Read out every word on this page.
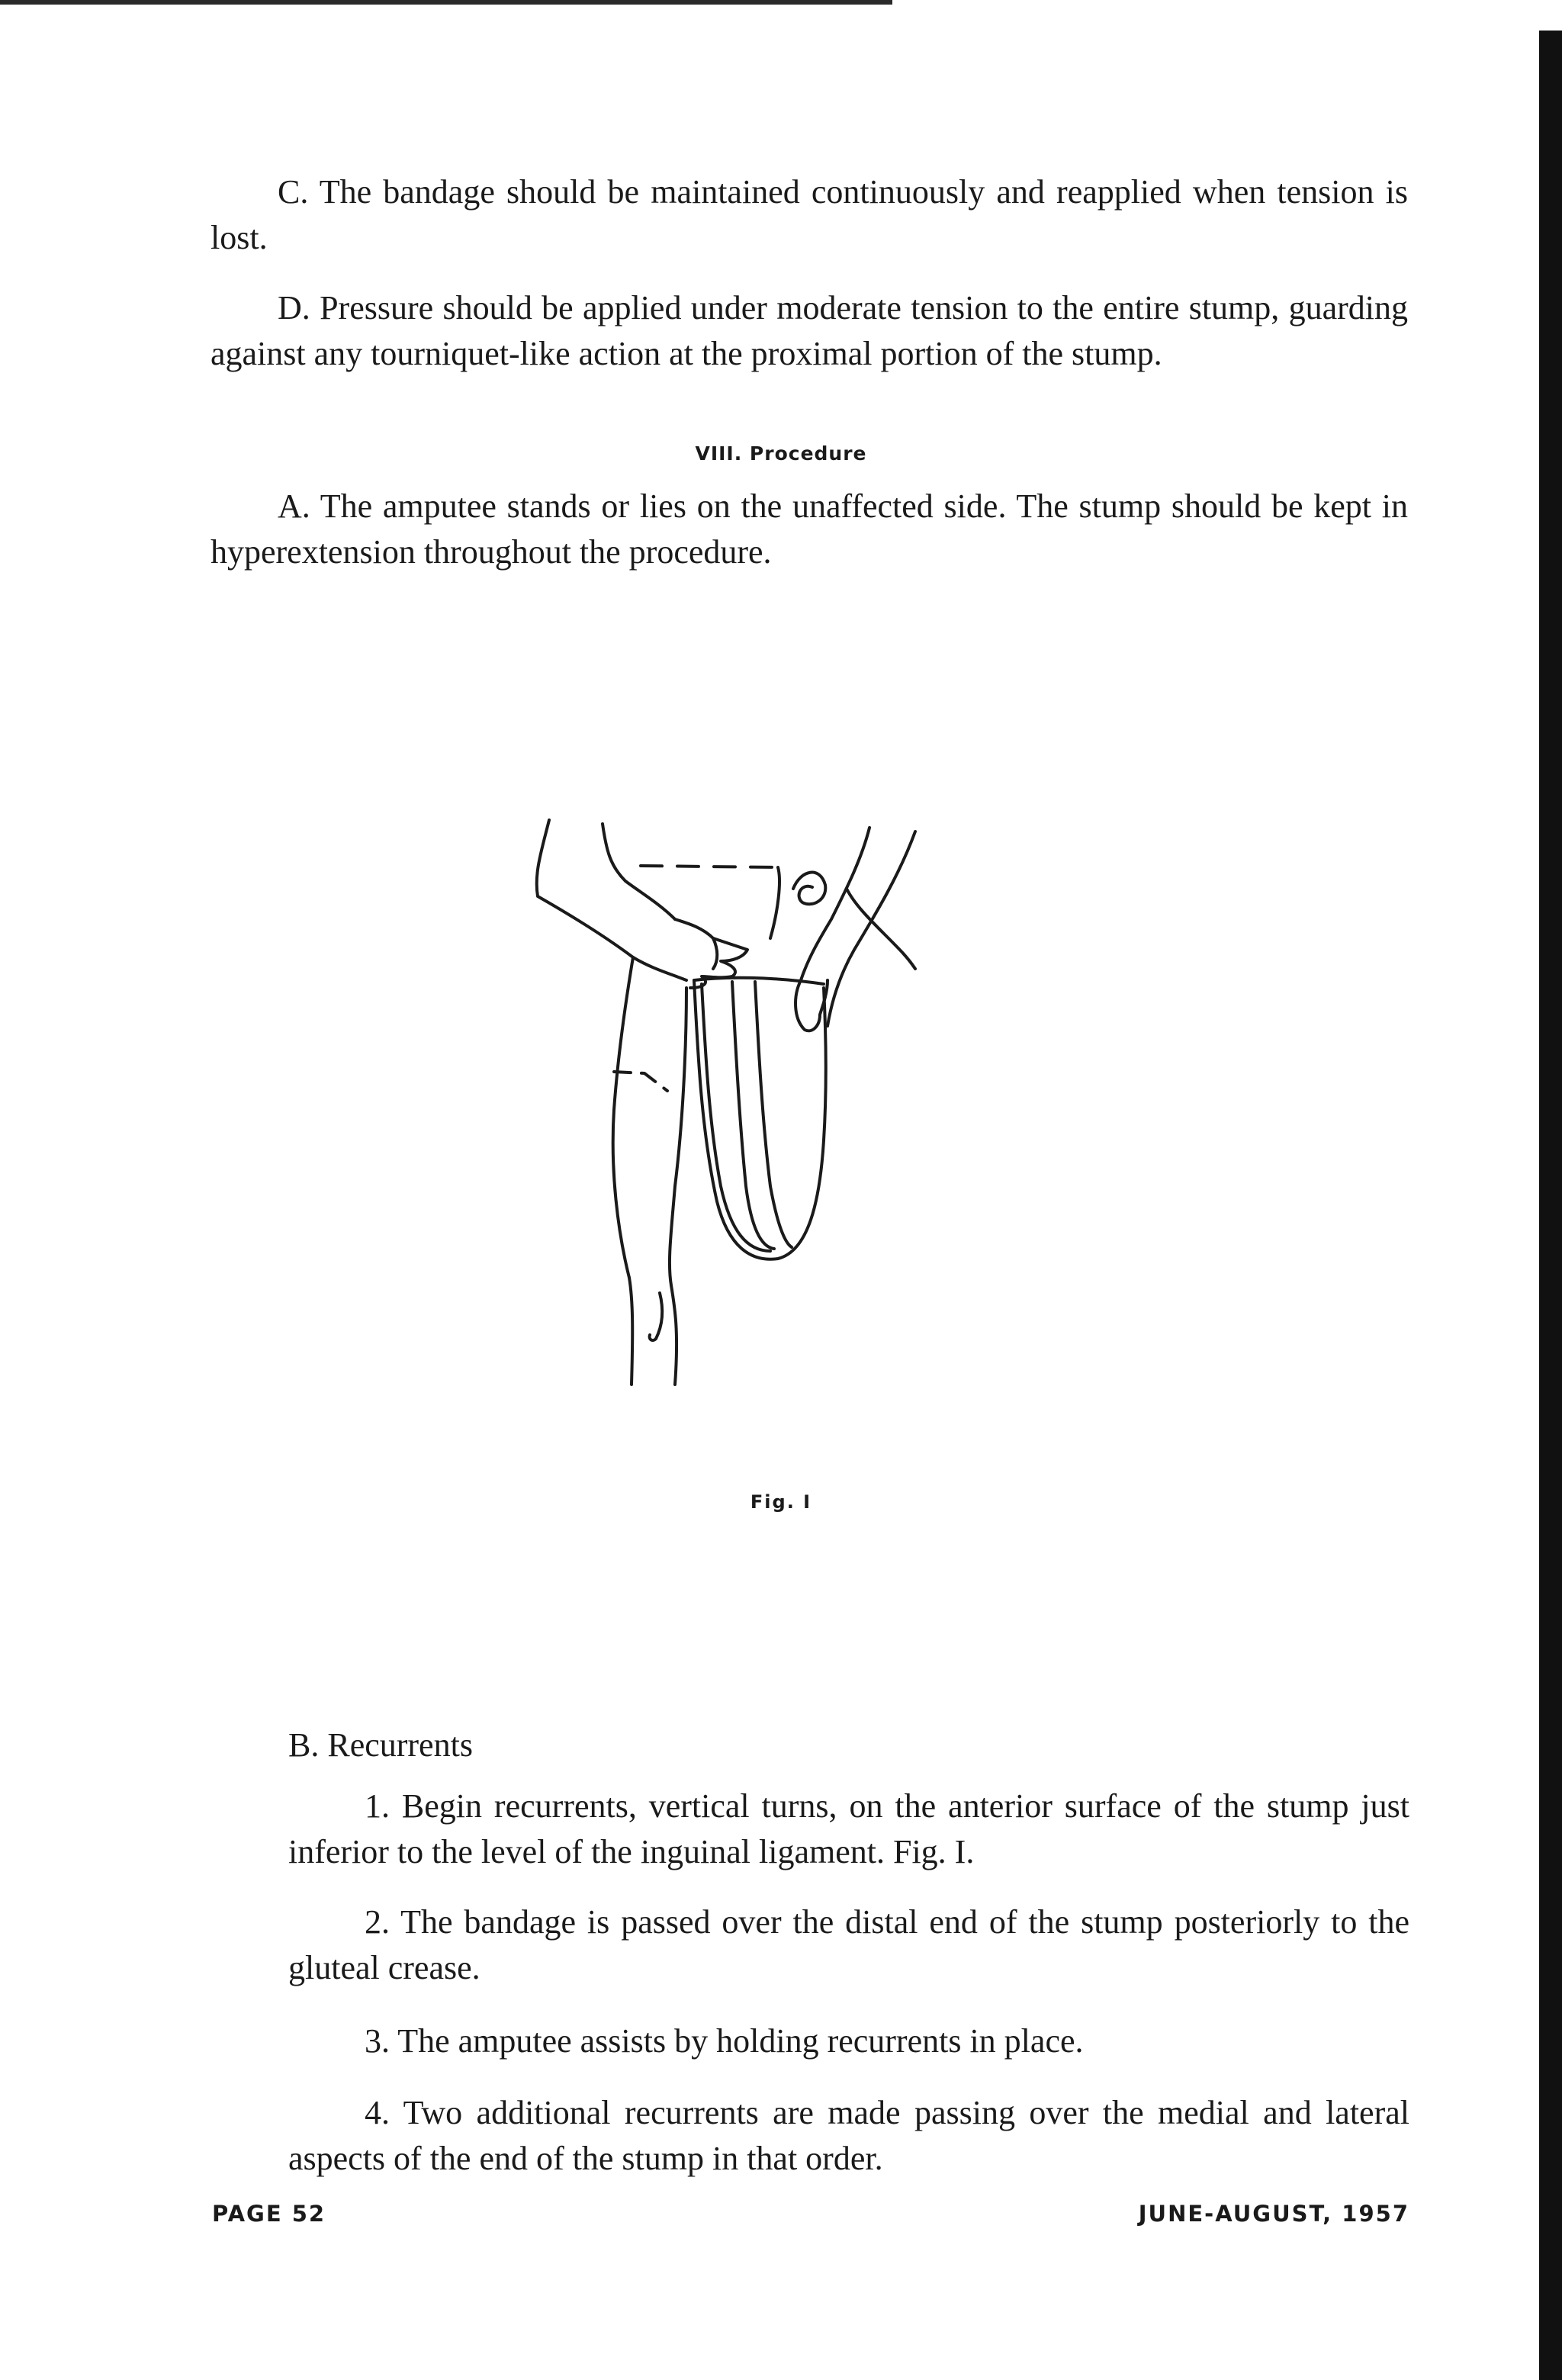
C. The bandage should be maintained continuously and reapplied when tension is lost.

D. Pressure should be applied under moderate tension to the entire stump, guarding against any tourniquet-like action at the proximal portion of the stump.

VIII. Procedure

A. The amputee stands or lies on the unaffected side. The stump should be kept in hyperextension throughout the procedure.

Fig. I

B. Recurrents

1. Begin recurrents, vertical turns, on the anterior surface of the stump just inferior to the level of the inguinal ligament. Fig. I.

2. The bandage is passed over the distal end of the stump posteriorly to the gluteal crease.

3. The amputee assists by holding recurrents in place.

4. Two additional recurrents are made passing over the medial and lateral aspects of the end of the stump in that order.

PAGE 52	JUNE-AUGUST, 1957
